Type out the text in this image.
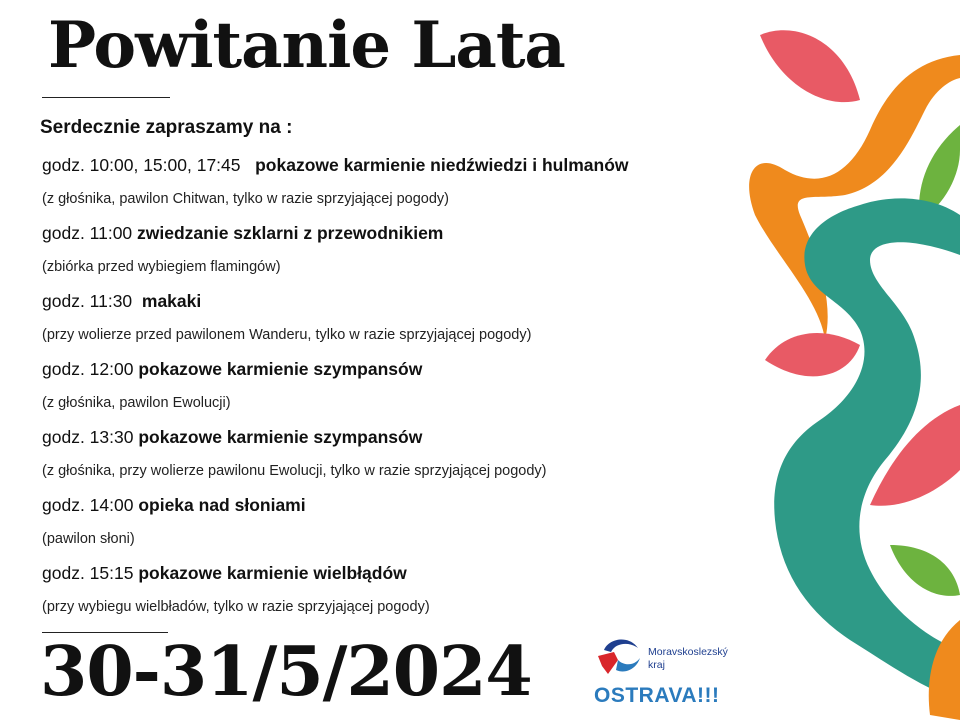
Powitanie Lata
Serdecznie zapraszamy na :
godz. 10:00, 15:00, 17:45   pokazowe karmienie niedźwiedzi i hulmanów
(z głośnika, pawilon Chitwan, tylko w razie sprzyjającej pogody)
godz. 11:00 zwiedzanie szklarni z przewodnikiem
(zbiórka przed wybiegiem flamingów)
godz. 11:30  makaki
(przy wolierze przed pawilonem Wanderu, tylko w razie sprzyjającej pogody)
godz. 12:00 pokazowe karmienie szympansów
(z głośnika, pawilon Ewolucji)
godz. 13:30 pokazowe karmienie szympansów
(z głośnika, przy wolierze pawilonu Ewolucji, tylko w razie sprzyjającej pogody)
godz. 14:00 opieka nad słoniami
(pawilon słoni)
godz. 15:15 pokazowe karmienie wielbłądów
(przy wybiegu wielbładów, tylko w razie sprzyjającej pogody)
30-31/5/2024	Moravskoslezský
kraj
OSTRAVA!!!
